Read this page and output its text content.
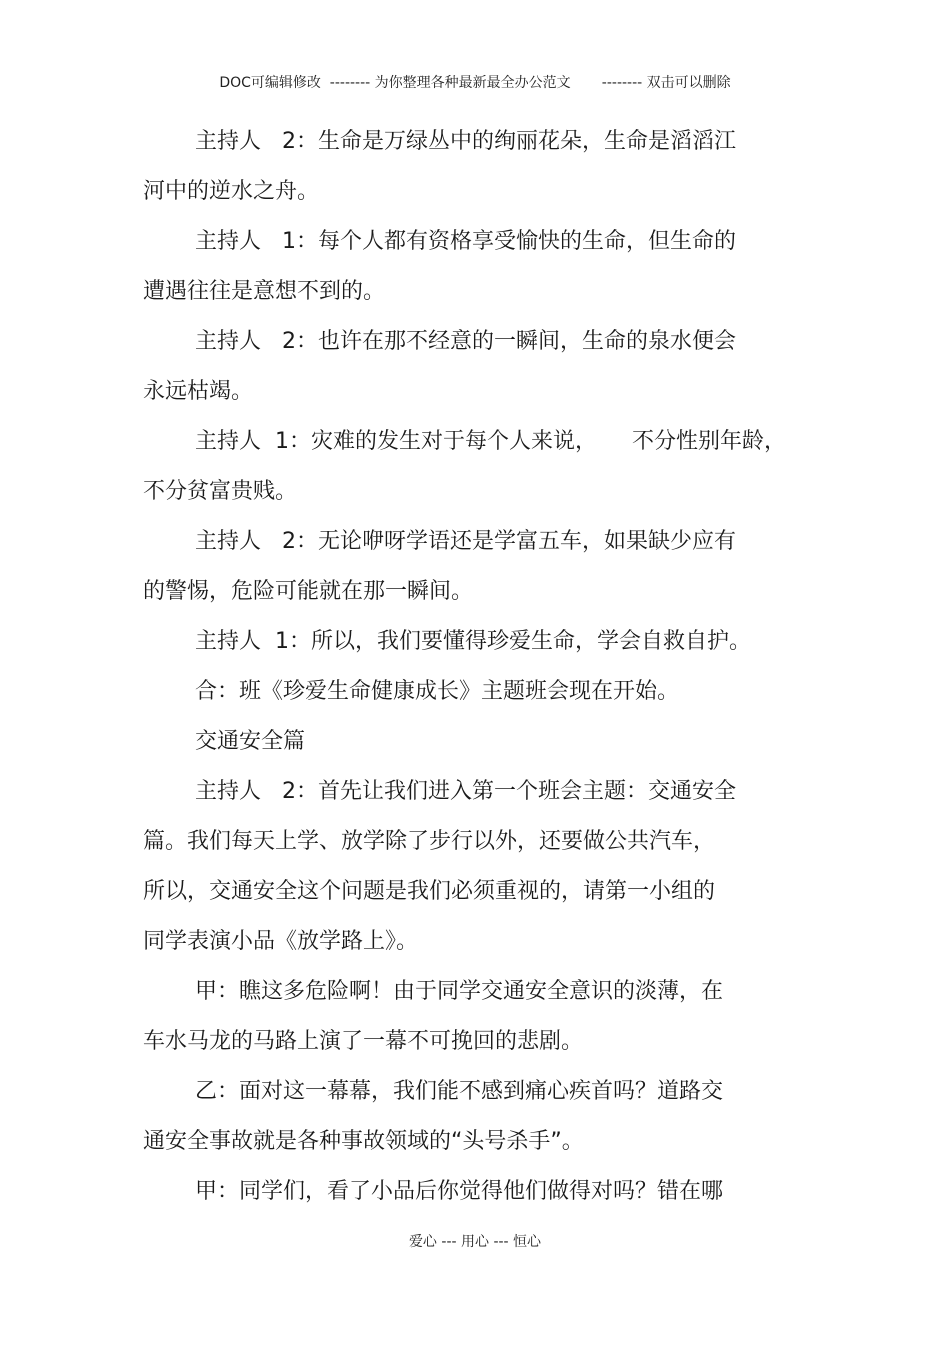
DOC可编辑修改  -------- 为你整理各种最新最全办公范文       -------- 双击可以删除
主持人   2：生命是万绿丛中的绚丽花朵，生命是滔滔江
河中的逆水之舟。
主持人   1：每个人都有资格享受愉快的生命，但生命的
遭遇往往是意想不到的。
主持人   2：也许在那不经意的一瞬间，生命的泉水便会
永远枯竭。
主持人  1：灾难的发生对于每个人来说，     不分性别年龄，
不分贫富贵贱。
主持人   2：无论咿呀学语还是学富五车，如果缺少应有
的警惕，危险可能就在那一瞬间。
主持人  1：所以，我们要懂得珍爱生命，学会自救自护。
合：班《珍爱生命健康成长》主题班会现在开始。
交通安全篇
主持人   2：首先让我们进入第一个班会主题：交通安全
篇。我们每天上学、放学除了步行以外，还要做公共汽车，
所以，交通安全这个问题是我们必须重视的，请第一小组的
同学表演小品《放学路上》。
甲：瞧这多危险啊！由于同学交通安全意识的淡薄，在
车水马龙的马路上演了一幕不可挽回的悲剧。
乙：面对这一幕幕，我们能不感到痛心疾首吗？道路交
通安全事故就是各种事故领域的“头号杀手”。
甲：同学们，看了小品后你觉得他们做得对吗？错在哪
爱心 --- 用心 --- 恒心
